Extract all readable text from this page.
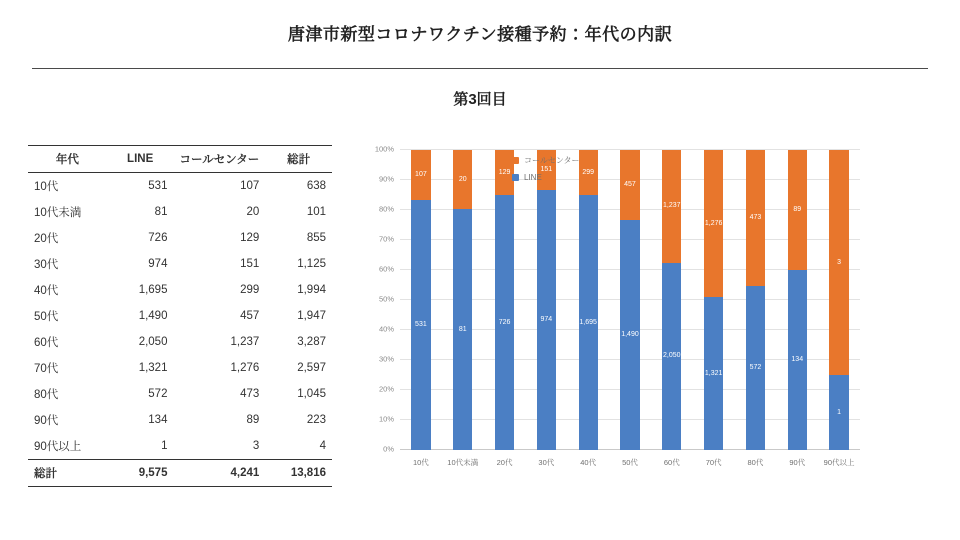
唐津市新型コロナワクチン接種予約：年代の内訳
第3回目
年代	LINE	コールセンター	総計
10代	531	107	638
10代未満	81	20	101
20代	726	129	855
30代	974	151	1,125
40代	1,695	299	1,994
50代	1,490	457	1,947
60代	2,050	1,237	3,287
70代	1,321	1,276	2,597
80代	572	473	1,045
90代	134	89	223
90代以上	1	3	4
総計	9,575	4,241	13,816
0%
10%
20%
30%
40%
50%
60%
70%
80%
90%
100%
531
107
10代
81
20
10代未満
726
129
20代
974
151
30代
1,695
299
40代
1,490
457
50代
2,050
1,237
60代
1,321
1,276
70代
572
473
80代
134
89
90代
1
3
90代以上
コールセンター
LINE
